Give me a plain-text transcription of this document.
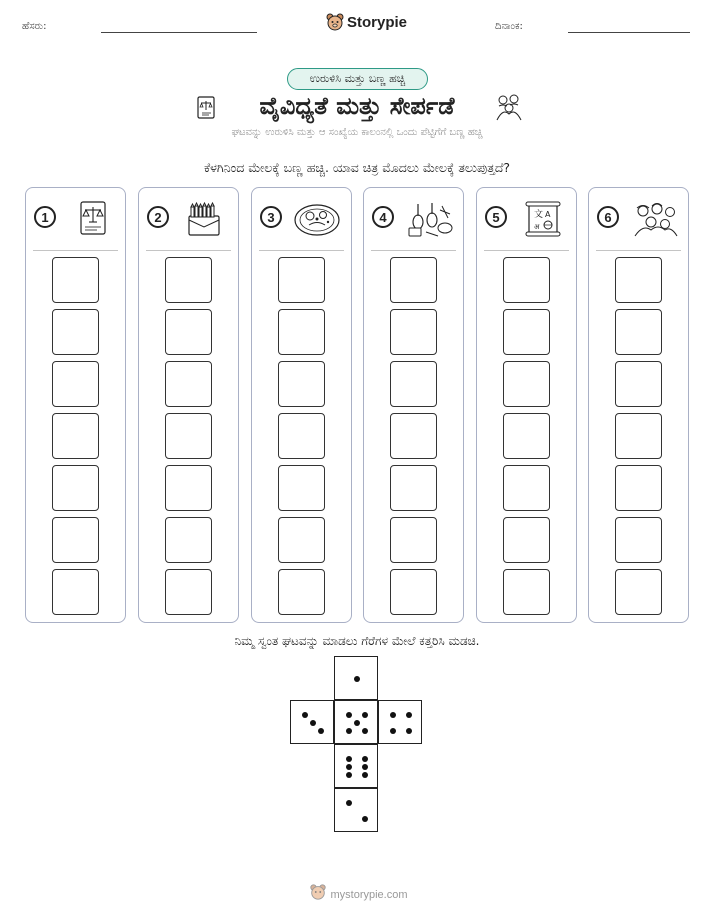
ಹೆಸರು:	Storypie	ದಿನಾಂಕ:
ಉರುಳಿಸಿ ಮತ್ತು ಬಣ್ಣ ಹಚ್ಚಿ
ವೈವಿಧ್ಯತೆ ಮತ್ತು ಸೇರ್ಪಡೆ
ಘಟವನ್ನು ಉರುಳಿಸಿ ಮತ್ತು ಆ ಸಂಖ್ಯೆಯ ಕಾಲಂನಲ್ಲಿ ಒಂದು ಪೆಟ್ಟಿಗೆಗೆ ಬಣ್ಣ ಹಚ್ಚಿ
ಕೆಳಗಿನಿಂದ ಮೇಲಕ್ಕೆ ಬಣ್ಣ ಹಚ್ಚಿ. ಯಾವ ಚಿತ್ರ ಮೊದಲು ಮೇಲಕ್ಕೆ ತಲುಪುತ್ತದೆ?
1	2	3	4	5	文 A
अ
6
ನಿಮ್ಮ ಸ್ವಂತ ಘಟವನ್ನು ಮಾಡಲು ಗೆರೆಗಳ ಮೇಲೆ ಕತ್ತರಿಸಿ ಮಡಚಿ.
mystorypie.com
